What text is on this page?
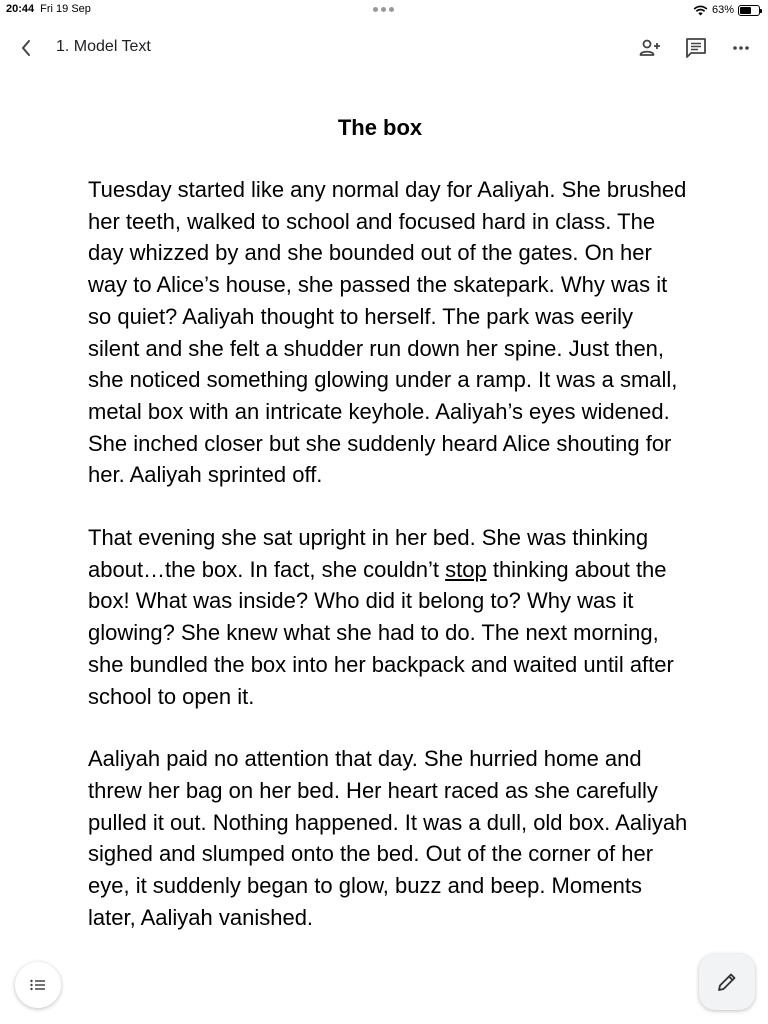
20:44 Fri 19 Sep	63%
1. Model Text
The box

Tuesday started like any normal day for Aaliyah. She brushed her teeth, walked to school and focused hard in class. The day whizzed by and she bounded out of the gates. On her way to Alice’s house, she passed the skatepark. Why was it so quiet? Aaliyah thought to herself. The park was eerily silent and she felt a shudder run down her spine. Just then, she noticed something glowing under a ramp. It was a small, metal box with an intricate keyhole. Aaliyah’s eyes widened. She inched closer but she suddenly heard Alice shouting for her. Aaliyah sprinted off.

That evening she sat upright in her bed. She was thinking about…the box. In fact, she couldn’t stop thinking about the box! What was inside? Who did it belong to? Why was it glowing? She knew what she had to do. The next morning, she bundled the box into her backpack and waited until after school to open it.

Aaliyah paid no attention that day. She hurried home and threw her bag on her bed. Her heart raced as she carefully pulled it out. Nothing happened. It was a dull, old box. Aaliyah sighed and slumped onto the bed. Out of the corner of her eye, it suddenly began to glow, buzz and beep. Moments later, Aaliyah vanished.
